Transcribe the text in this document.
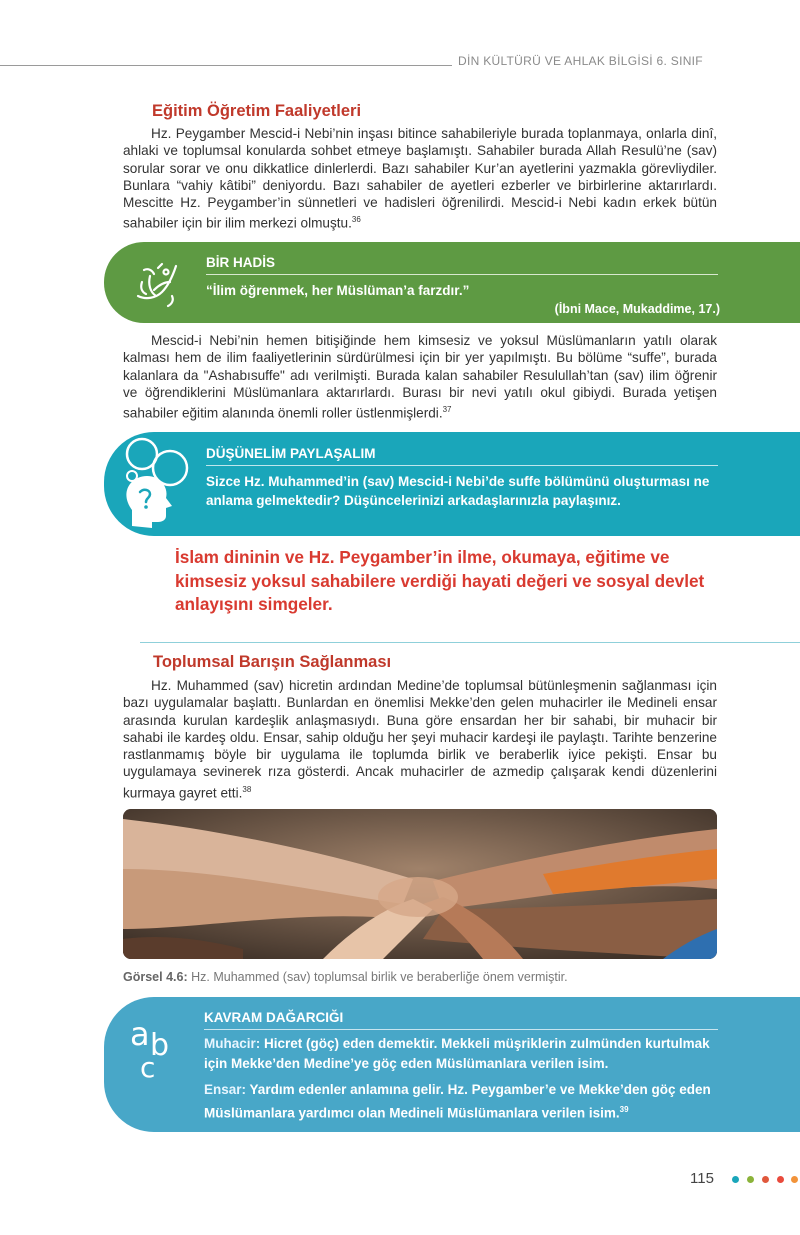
DİN KÜLTÜRÜ VE AHLAK BİLGİSİ 6. SINIF
Eğitim Öğretim Faaliyetleri
Hz. Peygamber Mescid-i Nebi’nin inşası bitince sahabileriyle burada toplanmaya, onlarla dinî, ahlaki ve toplumsal konularda sohbet etmeye başlamıştı. Sahabiler burada Allah Resulü’ne (sav) sorular sorar ve onu dikkatlice dinlerlerdi. Bazı sahabiler Kur’an ayetlerini yazmakla görevliydiler. Bunlara “vahiy kâtibi” deniyordu. Bazı sahabiler de ayetleri ezberler ve birbirlerine aktarırlardı. Mescitte Hz. Peygamber’in sünnetleri ve hadisleri öğrenilirdi. Mescid-i Nebi kadın erkek bütün sahabiler için bir ilim merkezi olmuştu.$^{36}$
BİR HADİS
“İlim öğrenmek, her Müslüman’a farzdır.”
(İbni Mace, Mukaddime, 17.)
Mescid-i Nebi’nin hemen bitişiğinde hem kimsesiz ve yoksul Müslümanların yatılı olarak kalması hem de ilim faaliyetlerinin sürdürülmesi için bir yer yapılmıştı. Bu bölüme “suffe”, burada kalanlara da "Ashabısuffe" adı verilmişti. Burada kalan sahabiler Resulullah’tan (sav) ilim öğrenir ve öğrendiklerini Müslümanlara aktarırlardı. Burası bir nevi yatılı okul gibiydi. Burada yetişen sahabiler eğitim alanında önemli roller üstlenmişlerdi.$^{37}$
DÜŞÜNELİM PAYLAŞALIM
Sizce Hz. Muhammed’in (sav) Mescid-i Nebi’de suffe bölümünü oluşturması ne anlama gelmektedir? Düşüncelerinizi arkadaşlarınızla paylaşınız.
İslam dininin ve Hz. Peygamber’in ilme, okumaya, eğitime ve kimsesiz yoksul sahabilere verdiği hayati değeri ve sosyal devlet anlayışını simgeler.
Toplumsal Barışın Sağlanması
Hz. Muhammed (sav) hicretin ardından Medine’de toplumsal bütünleşmenin sağlanması için bazı uygulamalar başlattı. Bunlardan en önemlisi Mekke’den gelen muhacirler ile Medineli ensar arasında kurulan kardeşlik anlaşmasıydı. Buna göre ensardan her bir sahabi, bir muhacir bir sahabi ile kardeş oldu. Ensar, sahip olduğu her şeyi muhacir kardeşi ile paylaştı. Tarihte benzerine rastlanmamış böyle bir uygulama ile toplumda birlik ve beraberlik iyice pekişti. Ensar bu uygulamaya sevinerek rıza gösterdi. Ancak muhacirler de azmedip çalışarak kendi düzenlerini kurmaya gayret etti.$^{38}$
Görsel 4.6: Hz. Muhammed (sav) toplumsal birlik ve beraberliğe önem vermiştir.
a b
c
KAVRAM DAĞARCIĞI
Muhacir: Hicret (göç) eden demektir. Mekkeli müşriklerin zulmünden kurtulmak için Mekke’den Medine’ye göç eden Müslümanlara verilen isim.
Ensar: Yardım edenler anlamına gelir. Hz. Peygamber’e ve Mekke’den göç eden Müslümanlara yardımcı olan Medineli Müslümanlara verilen isim.$^{39}$
115
